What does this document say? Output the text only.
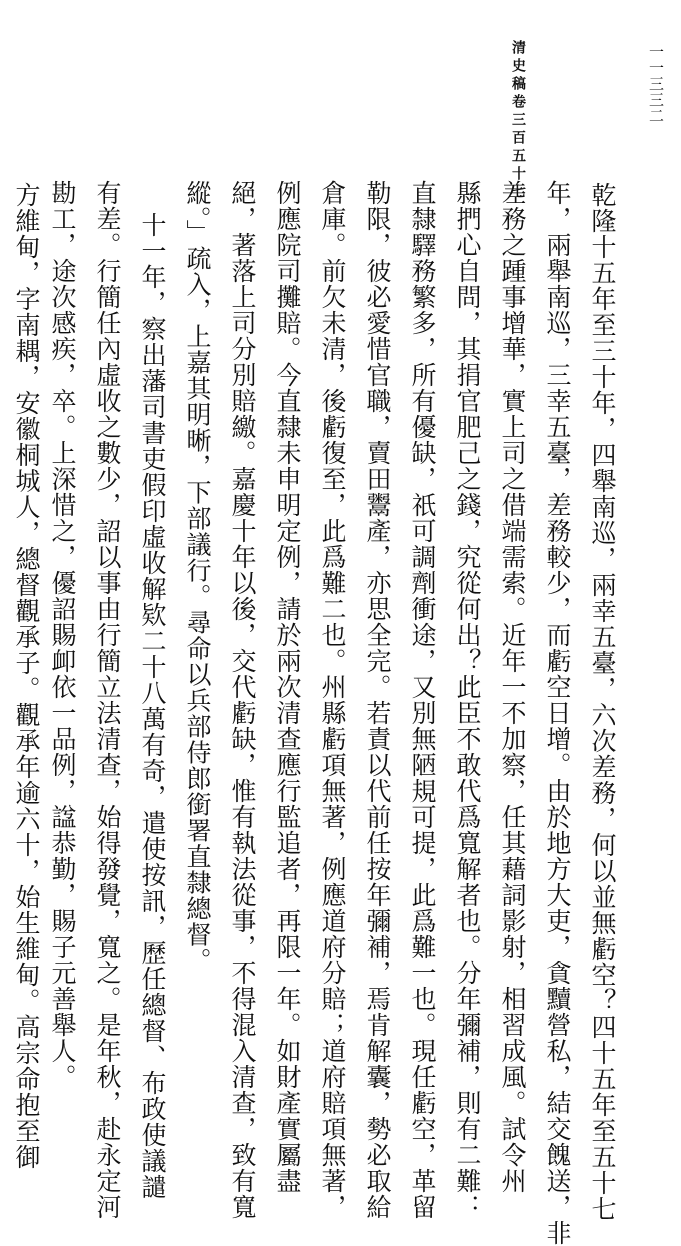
清史稿卷三百五十七	一一三三二
乾隆十五年至三十年，四舉南巡，兩幸五臺，六次差務，何以並無虧空？四十五年至五十七
年，兩舉南巡，三幸五臺，差務較少，而虧空日增。由於地方大吏，貪黷營私，結交餽送，非
差務之踵事增華，實上司之借端需索。近年一不加察，任其藉詞影射，相習成風。試令州
縣捫心自問，其捐官肥己之錢，究從何出？此臣不敢代爲寬解者也。分年彌補，則有二難：
直隸驛務繁多，所有優缺，祇可調劑衝途，又別無陋規可提，此爲難一也。現任虧空，革留
勒限，彼必愛惜官職，賣田鬻產，亦思全完。若責以代前任按年彌補，焉肯解囊，勢必取給
倉庫。前欠未清，後虧復至，此爲難二也。州縣虧項無著，例應道府分賠；道府賠項無著，
例應院司攤賠。今直隸未申明定例，請於兩次清查應行監追者，再限一年。如財產實屬盡
絕，著落上司分別賠繳。嘉慶十年以後，交代虧缺，惟有執法從事，不得混入清查，致有寬
縱。」疏入，上嘉其明晰，下部議行。尋命以兵部侍郎銜署直隸總督。
十一年，察出藩司書吏假印虛收解欵二十八萬有奇，遣使按訊，歷任總督、布政使議譴
有差。行簡任內虛收之數少，詔以事由行簡立法清查，始得發覺，寬之。是年秋，赴永定河
勘工，途次感疾，卒。上深惜之，優詔賜卹依一品例，諡恭勤，賜子元善舉人。
方維甸，字南耦，安徽桐城人，總督觀承子。觀承年逾六十，始生維甸。高宗命抱至御
